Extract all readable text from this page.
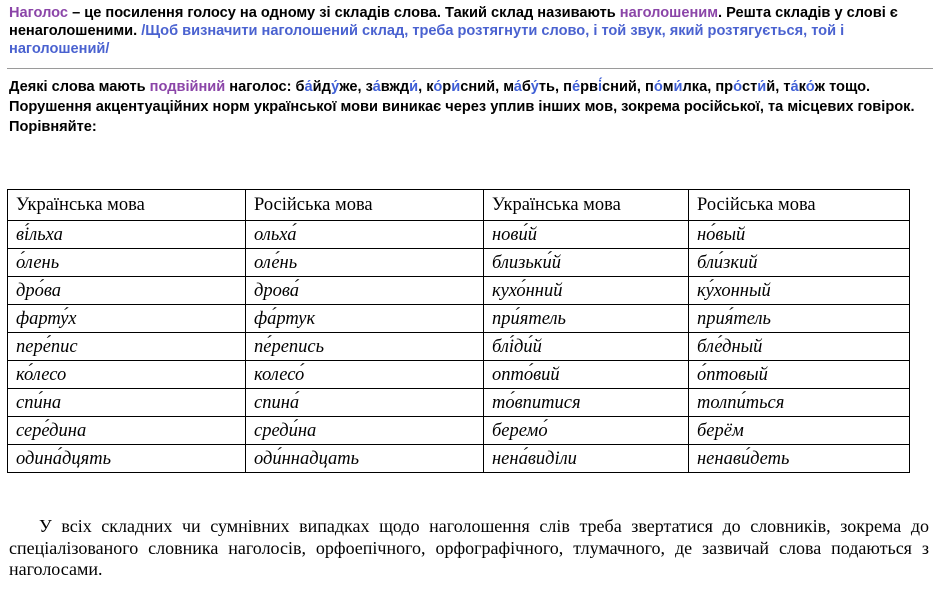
Наголос – це посилення голосу на одному зі складів слова. Такий склад називають наголошеним. Решта складів у слові є ненаголошеними. /Щоб визначити наголошений склад, треба розтягнути слово, і той звук, який розтягується, той і наголошений/

Деякі слова мають подвійний наголос: ба́йду́же, за́вжди́, ко́ри́сний, ма́бу́ть, пе́рві́сний, по́ми́лка, про́сти́й, та́ко́ж тощо.

Порушення акцентуаційних норм української мови виникає через уплив інших мов, зокрема російської, та місцевих говірок.

Порівняйте:

Українська мова	Російська мова	Українська мова	Російська мова
ві́льха	ольха́	нови́й	но́вый
о́лень	оле́нь	близьки́й	бли́зкий
дро́ва	дрова́	кухо́нний	ку́хонный
фарту́х	фа́ртук	при́ятель	прия́тель
пере́пис	пе́репись	блі́ди́й	бле́дный
ко́лесо	колесо́	опто́вий	о́птовый
спи́на	спина́	то́впитися	толпи́ться
сере́дина	среди́на	беремо́	берём
одина́дцять	оди́ннадцать	нена́виділи	ненави́деть
У всіх складних чи сумнівних випадках щодо наголошення слів треба звертатися до словників, зокрема до спеціалізованого словника наголосів, орфоепічного, орфографічного, тлумачного, де зазвичай слова подаються з наголосами.
